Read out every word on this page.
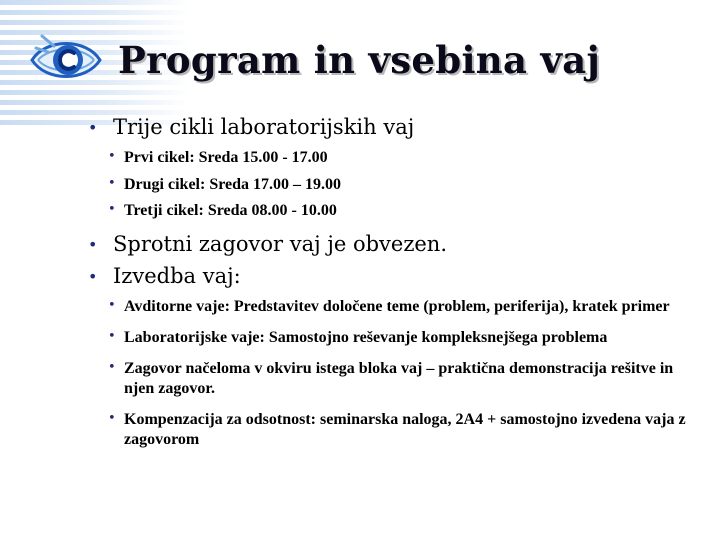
Program in vsebina vaj
• Trije cikli laboratorijskih vaj
• Prvi cikel: Sreda 15.00 - 17.00
• Drugi cikel: Sreda 17.00 – 19.00
• Tretji cikel: Sreda 08.00 - 10.00
• Sprotni zagovor vaj je obvezen.
• Izvedba vaj:
• Avditorne vaje: Predstavitev določene teme (problem, periferija), kratek primer
• Laboratorijske vaje: Samostojno reševanje kompleksnejšega problema
• Zagovor načeloma v okviru istega bloka vaj – praktična demonstracija rešitve in njen zagovor.
• Kompenzacija za odsotnost: seminarska naloga, 2A4 + samostojno izvedena vaja z zagovorom
